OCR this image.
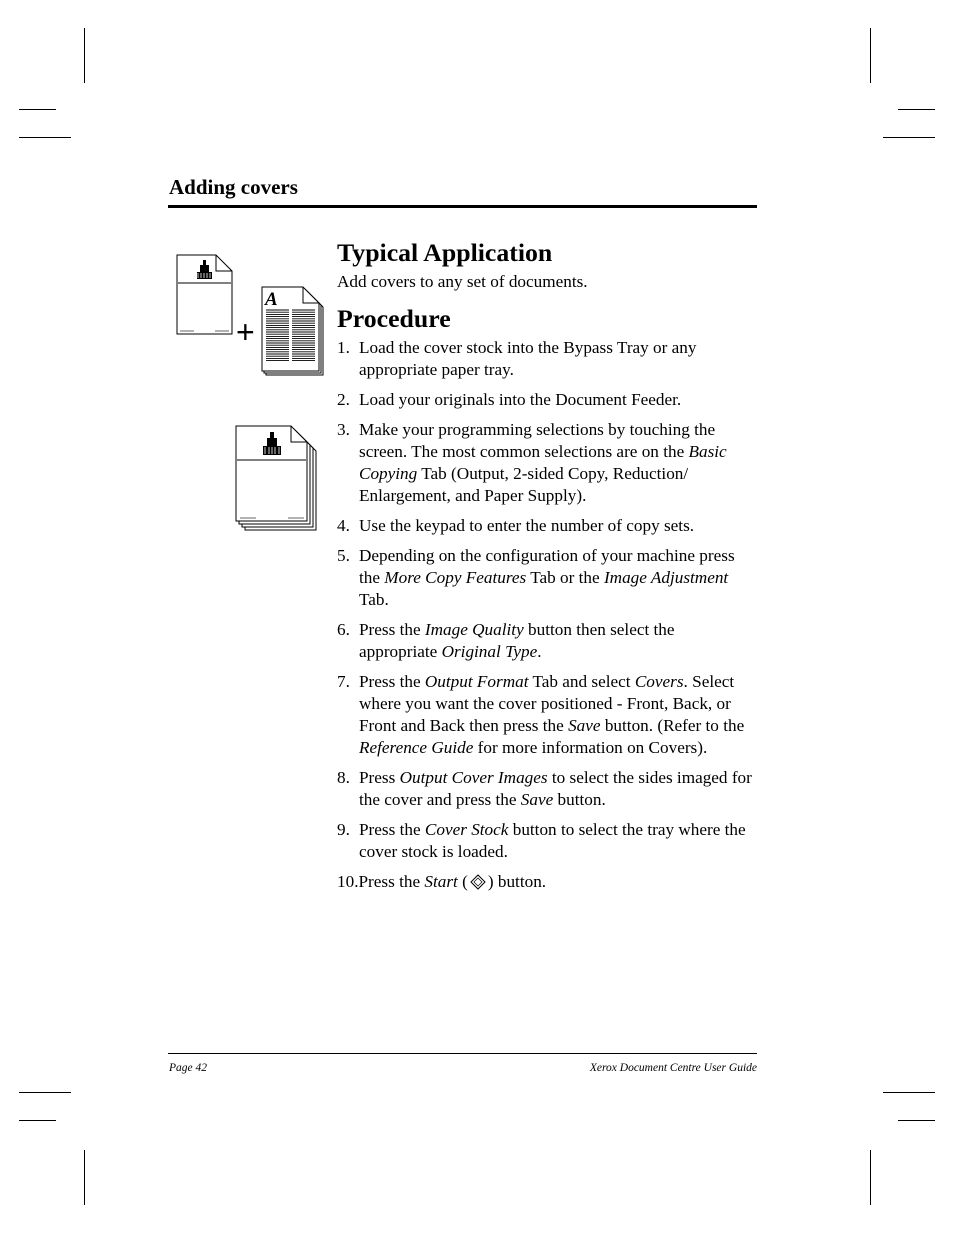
Adding covers
+
A
Typical Application

Add covers to any set of documents.

Procedure
1. Load the cover stock into the Bypass Tray or any appropriate paper tray.
2. Load your originals into the Document Feeder.
3. Make your programming selections by touching the screen. The most common selections are on the Basic Copying Tab (Output, 2-sided Copy, Reduction/ Enlargement, and Paper Supply).
4. Use the keypad to enter the number of copy sets.
5. Depending on the configuration of your machine press the More Copy Features Tab or the Image Adjustment Tab.
6. Press the Image Quality button then select the appropriate Original Type.
7. Press the Output Format Tab and select Covers. Select where you want the cover positioned - Front, Back, or Front and Back then press the Save button. (Refer to the Reference Guide for more information on Covers).
8. Press Output Cover Images to select the sides imaged for the cover and press the Save button.
9. Press the Cover Stock button to select the tray where the cover stock is loaded.
10.Press the Start ( ) button.
Page 42	Xerox Document Centre User Guide
